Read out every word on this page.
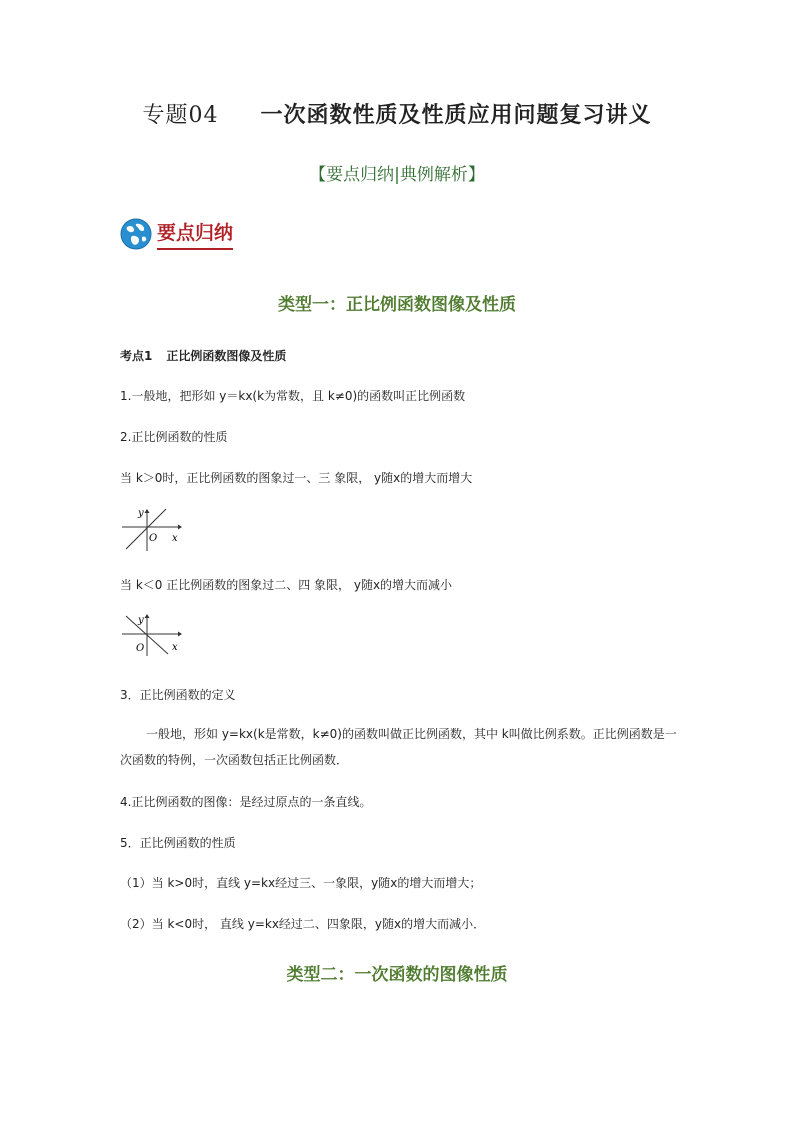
专题04 一次函数性质及性质应用问题复习讲义
【要点归纳|典例解析】
要点归纳
类型一：正比例函数图像及性质
考点1 正比例函数图像及性质
1.一般地，把形如 y＝kx(k为常数，且 k≠0)的函数叫正比例函数
2.正比例函数的性质
当 k＞0时，正比例函数的图象过一、三 象限， y随x的增大而增大
y
O x
当 k＜0 正比例函数的图象过二、四 象限， y随x的增大而减小
y
O	x
3．正比例函数的定义
一般地，形如 y=kx(k是常数，k≠0)的函数叫做正比例函数，其中 k叫做比例系数。正比例函数是一次函数的特例，一次函数包括正比例函数．
4.正比例函数的图像：是经过原点的一条直线。
5．正比例函数的性质
（1）当 k>0时，直线 y=kx经过三、一象限，y随x的增大而增大；
（2）当 k<0时， 直线 y=kx经过二、四象限，y随x的增大而减小．
类型二：一次函数的图像性质
